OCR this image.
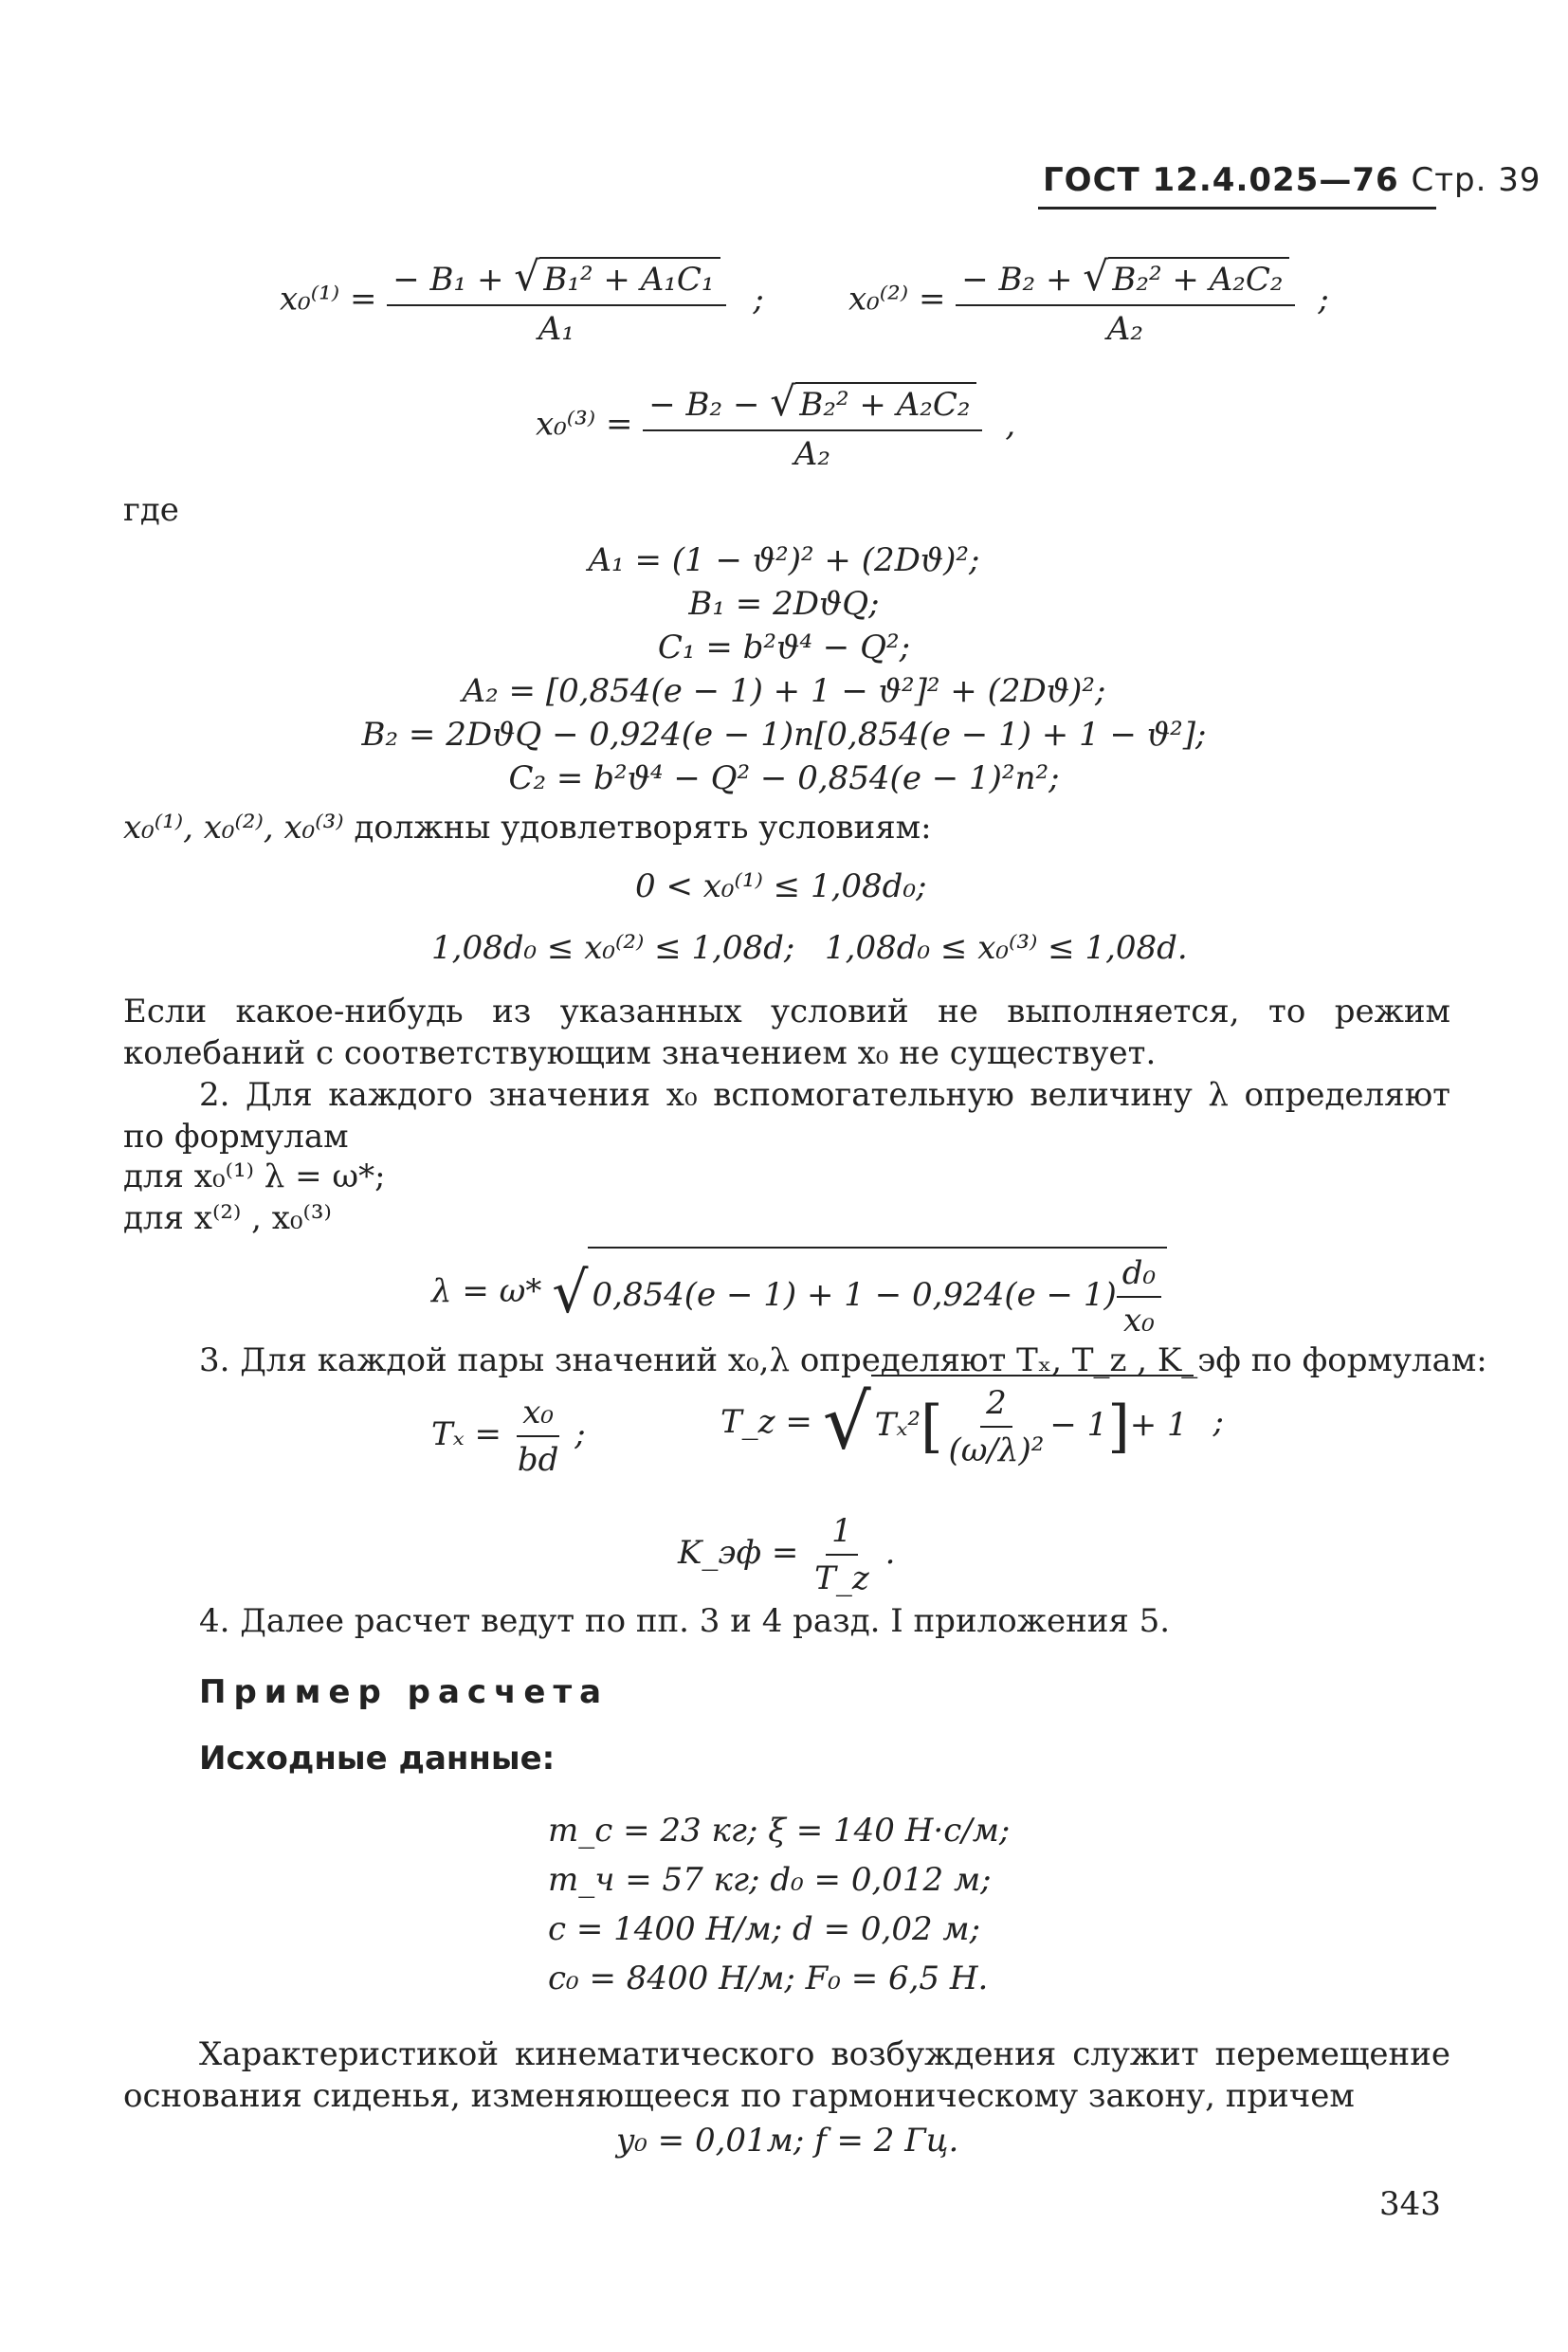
ГОСТ 12.4.025—76 Стр. 39
$x_0^{(1)} = \frac{\text{− B₁ + √ B₁² + A₁C₁}}{\text{A₁}}$ ;	$x_0^{(2)} = \frac{\text{− B₂ + √ B₂² + A₂C₂}}{\text{A₂}}$ ;
$x_0^{(3)} = \frac{\text{− B₂ − √ B₂² + A₂C₂}}{\text{A₂}}$ ,
где
A₁ = (1 − ϑ²)² + (2Dϑ)²;
B₁ = 2DϑQ;
C₁ = b²ϑ⁴ − Q²;
A₂ = [0,854(e − 1) + 1 − ϑ²]² + (2Dϑ)²;
B₂ = 2DϑQ − 0,924(e − 1)n[0,854(e − 1) + 1 − ϑ²];
C₂ = b²ϑ⁴ − Q² − 0,854(e − 1)²n²;
x₀⁽¹⁾, x₀⁽²⁾, x₀⁽³⁾ должны удовлетворять условиям:
0 < x₀⁽¹⁾ ≤ 1,08d₀;
1,08d₀ ≤ x₀⁽²⁾ ≤ 1,08d; 1,08d₀ ≤ x₀⁽³⁾ ≤ 1,08d.
Если какое-нибудь из указанных условий не выполняется, то режим колебаний с соответствующим значением x₀ не существует.
2. Для каждого значения x₀ вспомогательную величину λ определяют по формулам
для x₀⁽¹⁾ λ = ω*;
для x⁽²⁾ , x₀⁽³⁾
λ = ω* √ $0,854(e - 1) + 1 - 0,924(e - 1) \frac{\text{d₀}}{\text{x₀}}$
3. Для каждой пары значений x₀,λ определяют Tₓ, T_z , K_эф по формулам:
$T_x = \frac{\text{x₀}}{bd}$ ;	T_z = √ $T_x^2[ \frac{2}{\text{(ω/λ)²}} - 1]+ 1$ ;
K_эф = $\frac{1}{T\_z}$ .
4. Далее расчет ведут по пп. 3 и 4 разд. I приложения 5.
Пример расчета
Исходные данные:
m_c = 23 кг; ξ = 140 Н·с/м;
m_ч = 57 кг; d₀ = 0,012 м;
c = 1400 Н/м; d = 0,02 м;
c₀ = 8400 Н/м; F₀ = 6,5 Н.
Характеристикой кинематического возбуждения служит перемещение основания сиденья, изменяющееся по гармоническому закону, причем
y₀ = 0,01м; f = 2 Гц.
343
